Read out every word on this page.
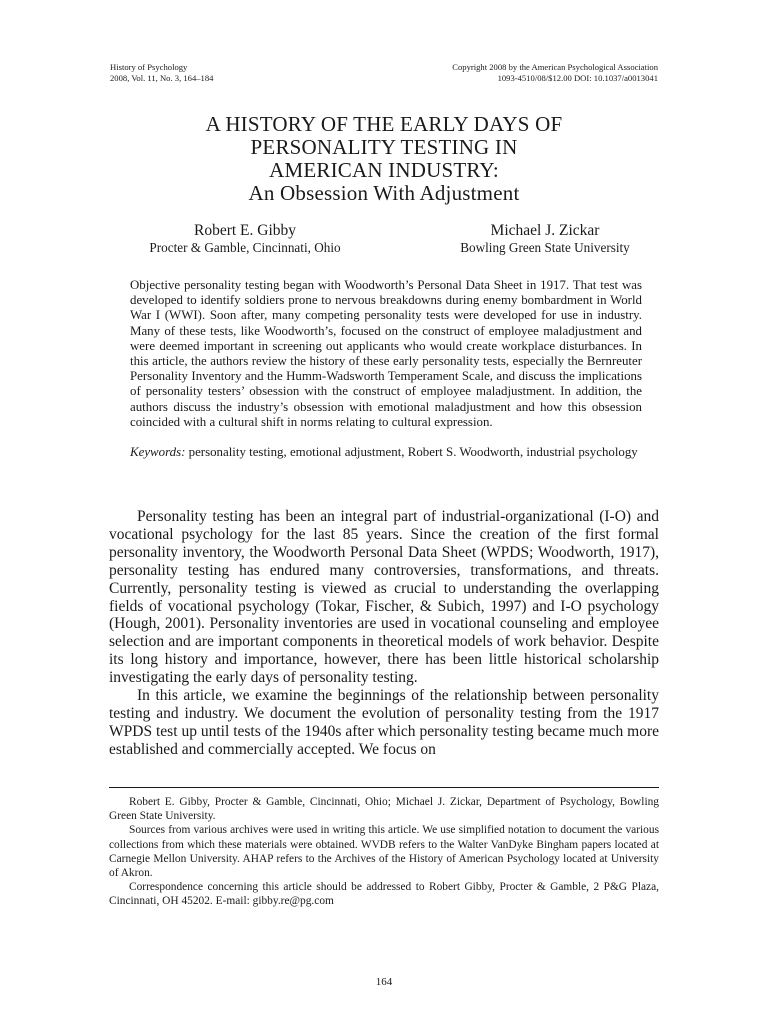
History of Psychology
2008, Vol. 11, No. 3, 164–184
Copyright 2008 by the American Psychological Association
1093-4510/08/$12.00 DOI: 10.1037/a0013041
A HISTORY OF THE EARLY DAYS OF
PERSONALITY TESTING IN
AMERICAN INDUSTRY:
An Obsession With Adjustment
Robert E. Gibby
Procter & Gamble, Cincinnati, Ohio
Michael J. Zickar
Bowling Green State University

Objective personality testing began with Woodworth’s Personal Data Sheet in 1917. That test was developed to identify soldiers prone to nervous breakdowns during enemy bombardment in World War I (WWI). Soon after, many competing personality tests were developed for use in industry. Many of these tests, like Woodworth’s, focused on the construct of employee maladjustment and were deemed important in screening out applicants who would create workplace disturbances. In this article, the authors review the history of these early personality tests, especially the Bernreuter Personality Inventory and the Humm-Wadsworth Temperament Scale, and discuss the implications of personality testers’ obsession with the construct of employee maladjustment. In addition, the authors discuss the industry’s obsession with emotional maladjustment and how this obsession coincided with a cultural shift in norms relating to cultural expression.

Keywords: personality testing, emotional adjustment, Robert S. Woodworth, industrial psychology

Personality testing has been an integral part of industrial-organizational (I-O) and vocational psychology for the last 85 years. Since the creation of the first formal personality inventory, the Woodworth Personal Data Sheet (WPDS; Woodworth, 1917), personality testing has endured many controversies, transformations, and threats. Currently, personality testing is viewed as crucial to understanding the overlapping fields of vocational psychology (Tokar, Fischer, & Subich, 1997) and I-O psychology (Hough, 2001). Personality inventories are used in vocational counseling and employee selection and are important components in theoretical models of work behavior. Despite its long history and importance, however, there has been little historical scholarship investigating the early days of personality testing.

In this article, we examine the beginnings of the relationship between personality testing and industry. We document the evolution of personality testing from the 1917 WPDS test up until tests of the 1940s after which personality testing became much more established and commercially accepted. We focus on

Robert E. Gibby, Procter & Gamble, Cincinnati, Ohio; Michael J. Zickar, Department of Psychology, Bowling Green State University.

Sources from various archives were used in writing this article. We use simplified notation to document the various collections from which these materials were obtained. WVDB refers to the Walter VanDyke Bingham papers located at Carnegie Mellon University. AHAP refers to the Archives of the History of American Psychology located at University of Akron.

Correspondence concerning this article should be addressed to Robert Gibby, Procter & Gamble, 2 P&G Plaza, Cincinnati, OH 45202. E-mail: gibby.re@pg.com

164
